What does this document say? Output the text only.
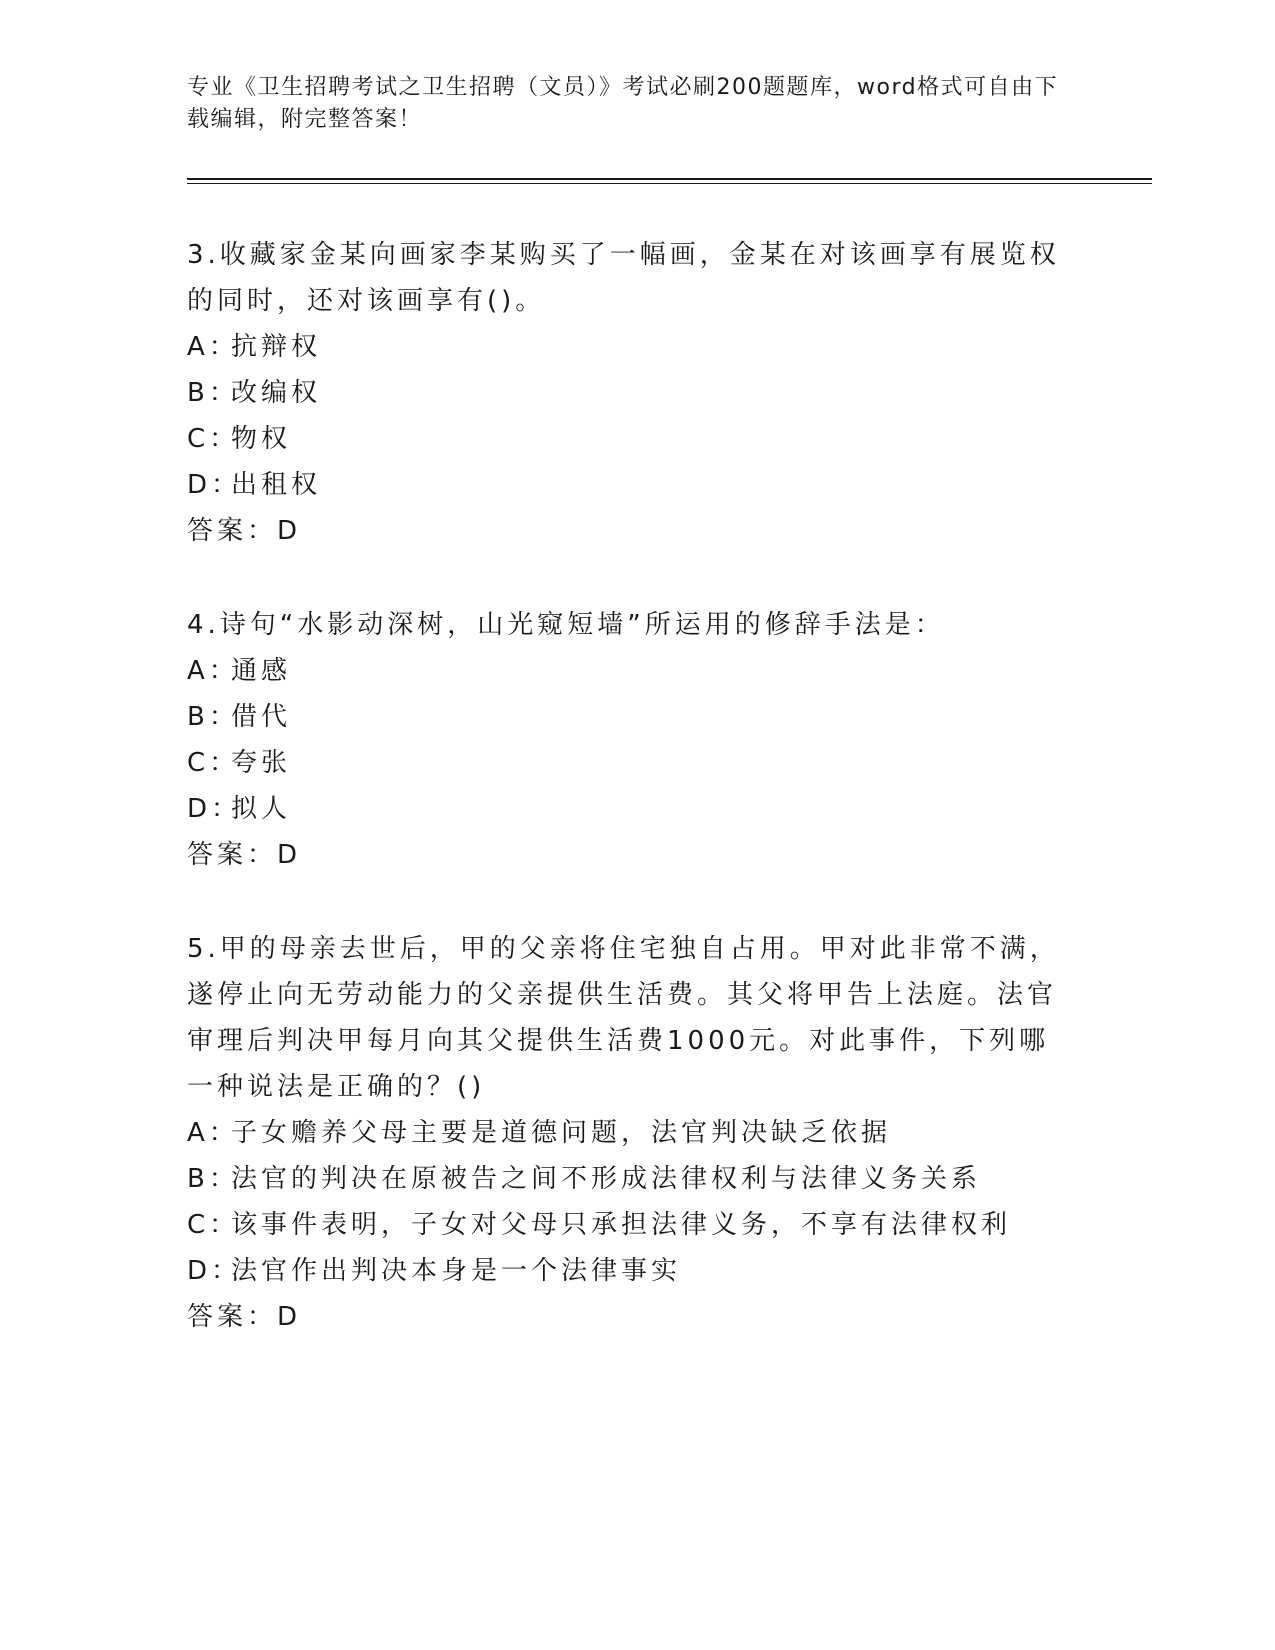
专业《卫生招聘考试之卫生招聘（文员）》考试必刷200题题库，word格式可自由下载编辑，附完整答案！
3.收藏家金某向画家李某购买了一幅画，金某在对该画享有展览权的同时，还对该画享有()。
A：抗辩权
B：改编权
C：物权
D：出租权
答案：D
4.诗句“水影动深树，山光窥短墙”所运用的修辞手法是：
A：通感
B：借代
C：夸张
D：拟人
答案：D
5.甲的母亲去世后，甲的父亲将住宅独自占用。甲对此非常不满，遂停止向无劳动能力的父亲提供生活费。其父将甲告上法庭。法官审理后判决甲每月向其父提供生活费1000元。对此事件，下列哪一种说法是正确的？()
A：子女赡养父母主要是道德问题，法官判决缺乏依据
B：法官的判决在原被告之间不形成法律权利与法律义务关系
C：该事件表明，子女对父母只承担法律义务，不享有法律权利
D：法官作出判决本身是一个法律事实
答案：D
